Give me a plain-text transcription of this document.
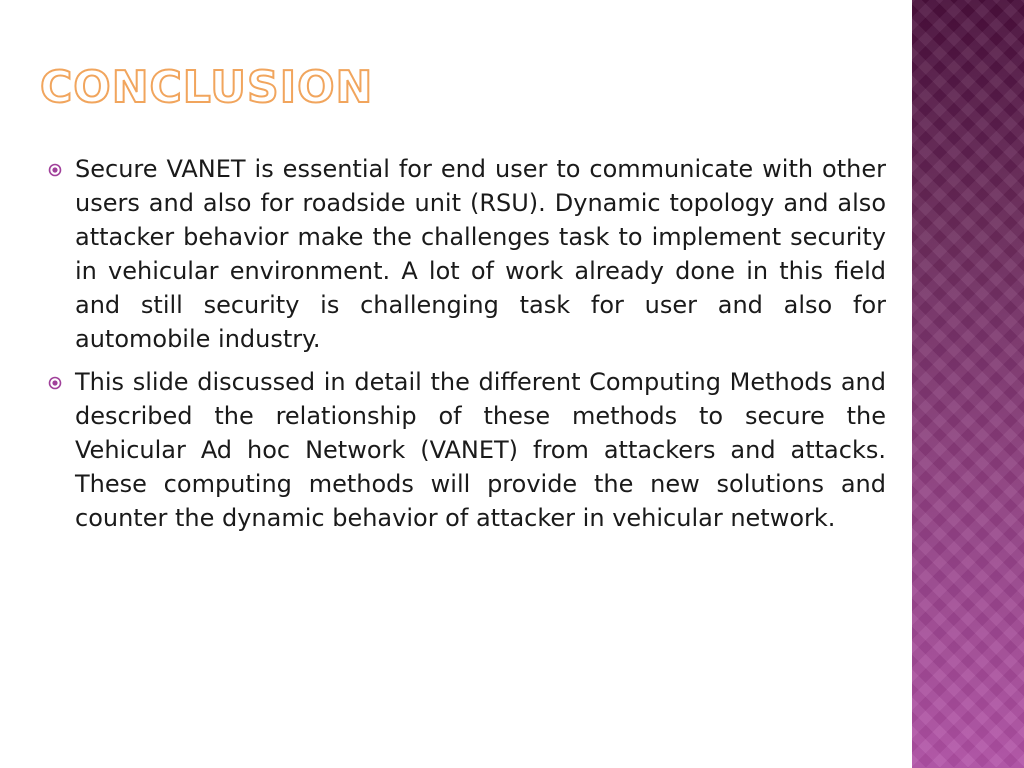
CONCLUSION
Secure VANET is essential for end user to communicate with other users and also for roadside unit (RSU). Dynamic topology and also attacker behavior make the challenges task to implement security in vehicular environment. A lot of work already done in this field and still security is challenging task for user and also for automobile industry.
This slide discussed in detail the different Computing Methods and described the relationship of these methods to secure the Vehicular Ad hoc Network (VANET) from attackers and attacks. These computing methods will provide the new solutions and counter the dynamic behavior of attacker in vehicular network.
